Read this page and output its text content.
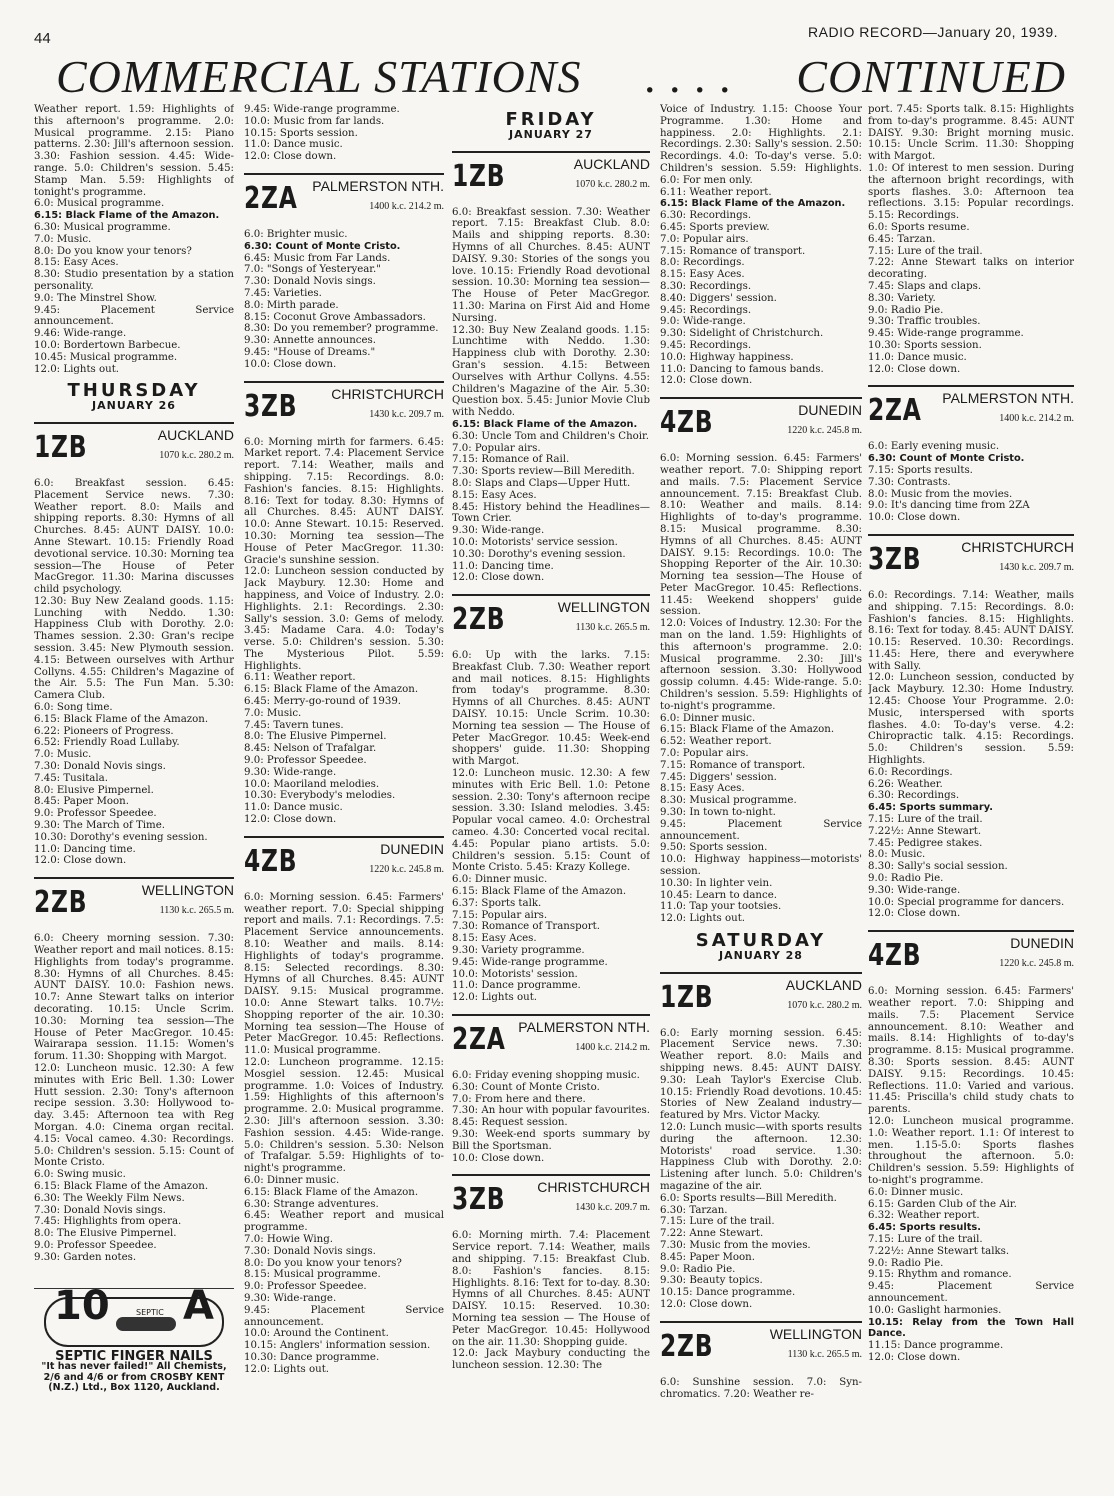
44	RADIO RECORD—January 20, 1939.
COMMERCIAL STATIONS . . . . CONTINUED
Weather report. 1.59: Highlights of this afternoon's programme. 2.0: Musical programme. 2.15: Piano patterns. 2.30: Jill's afternoon session. 3.30: Fashion session. 4.45: Wide-range. 5.0: Children's session. 5.45: Stamp Man. 5.59: Highlights of tonight's programme.
6.0: Musical programme.
6.15: Black Flame of the Amazon.
6.30: Musical programme.
7.0: Music.
8.0: Do you know your tenors?
8.15: Easy Aces.
8.30: Studio presentation by a station personality.
9.0: The Minstrel Show.
9.45: Placement Service announcement.
9.46: Wide-range.
10.0: Bordertown Barbecue.
10.45: Musical programme.
12.0: Lights out.
THURSDAY
JANUARY 26
1ZB	AUCKLAND
1070 k.c. 280.2 m.
6.0: Breakfast session. 6.45: Placement Service news. 7.30: Weather report. 8.0: Mails and shipping reports. 8.30: Hymns of all Churches. 8.45: AUNT DAISY. 10.0: Anne Stewart. 10.15: Friendly Road devotional service. 10.30: Morning tea session—The House of Peter MacGregor. 11.30: Marina discusses child psychology.
12.30: Buy New Zealand goods. 1.15: Lunching with Neddo. 1.30: Happiness Club with Dorothy. 2.0: Thames session. 2.30: Gran's recipe session. 3.45: New Plymouth session. 4.15: Between ourselves with Arthur Collyns. 4.55: Children's Magazine of the Air. 5.5: The Fun Man. 5.30: Camera Club.
6.0: Song time.
6.15: Black Flame of the Amazon.
6.22: Pioneers of Progress.
6.52: Friendly Road Lullaby.
7.0: Music.
7.30: Donald Novis sings.
7.45: Tusitala.
8.0: Elusive Pimpernel.
8.45: Paper Moon.
9.0: Professor Speedee.
9.30: The March of Time.
10.30: Dorothy's evening session.
11.0: Dancing time.
12.0: Close down.
2ZB	WELLINGTON
1130 k.c. 265.5 m.
6.0: Cheery morning session. 7.30: Weather report and mail notices. 8.15: Highlights from today's programme. 8.30: Hymns of all Churches. 8.45: AUNT DAISY. 10.0: Fashion news. 10.7: Anne Stewart talks on interior decorating. 10.15: Uncle Scrim. 10.30: Morning tea session—The House of Peter MacGregor. 10.45: Wairarapa session. 11.15: Women's forum. 11.30: Shopping with Margot.
12.0: Luncheon music. 12.30: A few minutes with Eric Bell. 1.30: Lower Hutt session. 2.30: Tony's afternoon recipe session. 3.30: Hollywood to-day. 3.45: Afternoon tea with Reg Morgan. 4.0: Cinema organ recital. 4.15: Vocal cameo. 4.30: Recordings. 5.0: Children's session. 5.15: Count of Monte Cristo.
6.0: Swing music.
6.15: Black Flame of the Amazon.
6.30: The Weekly Film News.
7.30: Donald Novis sings.
7.45: Highlights from opera.
8.0: The Elusive Pimpernel.
9.0: Professor Speedee.
9.30: Garden notes.
10	SEPTIC A
SEPTIC FINGER NAILS
"It has never failed!" All Chemists, 2/6 and 4/6 or from CROSBY KENT (N.Z.) Ltd., Box 1120, Auckland.
9.45: Wide-range programme.
10.0: Music from far lands.
10.15: Sports session.
11.0: Dance music.
12.0: Close down.
2ZA PALMERSTON NTH.
1400 k.c. 214.2 m.
6.0: Brighter music.
6.30: Count of Monte Cristo.
6.45: Music from Far Lands.
7.0: "Songs of Yesteryear."
7.30: Donald Novis sings.
7.45: Varieties.
8.0: Mirth parade.
8.15: Coconut Grove Ambassadors.
8.30: Do you remember? programme.
9.30: Annette announces.
9.45: "House of Dreams."
10.0: Close down.
3ZB CHRISTCHURCH
1430 k.c. 209.7 m.
6.0: Morning mirth for farmers. 6.45: Market report. 7.4: Placement Service report. 7.14: Weather, mails and shipping. 7.15: Recordings. 8.0: Fashion's fancies. 8.15: Highlights. 8.16: Text for today. 8.30: Hymns of all Churches. 8.45: AUNT DAISY. 10.0: Anne Stewart. 10.15: Reserved. 10.30: Morning tea session—The House of Peter MacGregor. 11.30: Gracie's sunshine session.
12.0: Luncheon session conducted by Jack Maybury. 12.30: Home and happiness, and Voice of Industry. 2.0: Highlights. 2.1: Recordings. 2.30: Sally's session. 3.0: Gems of melody. 3.45: Madame Cara. 4.0: Today's verse. 5.0: Children's session. 5.30: The Mysterious Pilot. 5.59: Highlights.
6.11: Weather report.
6.15: Black Flame of the Amazon.
6.45: Merry-go-round of 1939.
7.0: Music.
7.45: Tavern tunes.
8.0: The Elusive Pimpernel.
8.45: Nelson of Trafalgar.
9.0: Professor Speedee.
9.30: Wide-range.
10.0: Maoriland melodies.
10.30: Everybody's melodies.
11.0: Dance music.
12.0: Close down.
4ZB	DUNEDIN
1220 k.c. 245.8 m.
6.0: Morning session. 6.45: Farmers' weather report. 7.0: Special shipping report and mails. 7.1: Recordings. 7.5: Placement Service announcements. 8.10: Weather and mails. 8.14: Highlights of today's programme. 8.15: Selected recordings. 8.30: Hymns of all Churches. 8.45: AUNT DAISY. 9.15: Musical programme. 10.0: Anne Stewart talks. 10.7½: Shopping reporter of the air. 10.30: Morning tea session—The House of Peter MacGregor. 10.45: Reflections. 11.0: Musical programme.
12.0: Luncheon programme. 12.15: Mosgiel session. 12.45: Musical programme. 1.0: Voices of Industry. 1.59: Highlights of this afternoon's programme. 2.0: Musical programme. 2.30: Jill's afternoon session. 3.30: Fashion session. 4.45: Wide-range. 5.0: Children's session. 5.30: Nelson of Trafalgar. 5.59: Highlights of to-night's programme.
6.0: Dinner music.
6.15: Black Flame of the Amazon.
6.30: Strange adventures.
6.45: Weather report and musical programme.
7.0: Howie Wing.
7.30: Donald Novis sings.
8.0: Do you know your tenors?
8.15: Musical programme.
9.0: Professor Speedee.
9.30: Wide-range.
9.45: Placement Service announcement.
10.0: Around the Continent.
10.15: Anglers' information session.
10.30: Dance programme.
12.0: Lights out.
FRIDAY
JANUARY 27
1ZB	AUCKLAND
1070 k.c. 280.2 m.
6.0: Breakfast session. 7.30: Weather report. 7.15: Breakfast Club. 8.0: Mails and shipping reports. 8.30: Hymns of all Churches. 8.45: AUNT DAISY. 9.30: Stories of the songs you love. 10.15: Friendly Road devotional session. 10.30: Morning tea session—The House of Peter MacGregor. 11.30: Marina on First Aid and Home Nursing.
12.30: Buy New Zealand goods. 1.15: Lunchtime with Neddo. 1.30: Happiness club with Dorothy. 2.30: Gran's session. 4.15: Between Ourselves with Arthur Collyns. 4.55: Children's Magazine of the Air. 5.30: Question box. 5.45: Junior Movie Club with Neddo.
6.15: Black Flame of the Amazon.
6.30: Uncle Tom and Children's Choir.
7.0: Popular airs.
7.15: Romance of Rail.
7.30: Sports review—Bill Meredith.
8.0: Slaps and Claps—Upper Hutt.
8.15: Easy Aces.
8.45: History behind the Headlines—Town Crier.
9.30: Wide-range.
10.0: Motorists' service session.
10.30: Dorothy's evening session.
11.0: Dancing time.
12.0: Close down.
2ZB	WELLINGTON
1130 k.c. 265.5 m.
6.0: Up with the larks. 7.15: Breakfast Club. 7.30: Weather report and mail notices. 8.15: Highlights from today's programme. 8.30: Hymns of all Churches. 8.45: AUNT DAISY. 10.15: Uncle Scrim. 10.30: Morning tea session — The House of Peter MacGregor. 10.45: Week-end shoppers' guide. 11.30: Shopping with Margot.
12.0: Luncheon music. 12.30: A few minutes with Eric Bell. 1.0: Petone session. 2.30: Tony's afternoon recipe session. 3.30: Island melodies. 3.45: Popular vocal cameo. 4.0: Orchestral cameo. 4.30: Concerted vocal recital. 4.45: Popular piano artists. 5.0: Children's session. 5.15: Count of Monte Cristo. 5.45: Krazy Kollege.
6.0: Dinner music.
6.15: Black Flame of the Amazon.
6.37: Sports talk.
7.15: Popular airs.
7.30: Romance of Transport.
8.15: Easy Aces.
9.30: Variety programme.
9.45: Wide-range programme.
10.0: Motorists' session.
11.0: Dance programme.
12.0: Lights out.
2ZA PALMERSTON NTH.
1400 k.c. 214.2 m.
6.0: Friday evening shopping music.
6.30: Count of Monte Cristo.
7.0: From here and there.
7.30: An hour with popular favourites.
8.45: Request session.
9.30: Week-end sports summary by Bill the Sportsman.
10.0: Close down.
3ZB CHRISTCHURCH
1430 k.c. 209.7 m.
6.0: Morning mirth. 7.4: Placement Service report. 7.14: Weather, mails and shipping. 7.15: Breakfast Club. 8.0: Fashion's fancies. 8.15: Highlights. 8.16: Text for to-day. 8.30: Hymns of all Churches. 8.45: AUNT DAISY. 10.15: Reserved. 10.30: Morning tea session — The House of Peter MacGregor. 10.45: Hollywood on the air. 11.30: Shopping guide.
12.0: Jack Maybury conducting the luncheon session. 12.30: The
Voice of Industry. 1.15: Choose Your Programme. 1.30: Home and happiness. 2.0: Highlights. 2.1: Recordings. 2.30: Sally's session. 2.50: Recordings. 4.0: To-day's verse. 5.0: Children's session. 5.59: Highlights. 6.0: For men only.
6.11: Weather report.
6.15: Black Flame of the Amazon.
6.30: Recordings.
6.45: Sports preview.
7.0: Popular airs.
7.15: Romance of transport.
8.0: Recordings.
8.15: Easy Aces.
8.30: Recordings.
8.40: Diggers' session.
9.45: Recordings.
9.0: Wide-range.
9.30: Sidelight of Christchurch.
9.45: Recordings.
10.0: Highway happiness.
11.0: Dancing to famous bands.
12.0: Close down.
4ZB	DUNEDIN
1220 k.c. 245.8 m.
6.0: Morning session. 6.45: Farmers' weather report. 7.0: Shipping report and mails. 7.5: Placement Service announcement. 7.15: Breakfast Club. 8.10: Weather and mails. 8.14: Highlights of to-day's programme. 8.15: Musical programme. 8.30: Hymns of all Churches. 8.45: AUNT DAISY. 9.15: Recordings. 10.0: The Shopping Reporter of the Air. 10.30: Morning tea session—The House of Peter MacGregor. 10.45: Reflections. 11.45: Weekend shoppers' guide session.
12.0: Voices of Industry. 12.30: For the man on the land. 1.59: Highlights of this afternoon's programme. 2.0: Musical programme. 2.30: Jill's afternoon session. 3.30: Hollywood gossip column. 4.45: Wide-range. 5.0: Children's session. 5.59: Highlights of to-night's programme.
6.0: Dinner music.
6.15: Black Flame of the Amazon.
6.52: Weather report.
7.0: Popular airs.
7.15: Romance of transport.
7.45: Diggers' session.
8.15: Easy Aces.
8.30: Musical programme.
9.30: In town to-night.
9.45: Placement Service announcement.
9.50: Sports session.
10.0: Highway happiness—motorists' session.
10.30: In lighter vein.
10.45: Learn to dance.
11.0: Tap your tootsies.
12.0: Lights out.
SATURDAY
JANUARY 28
1ZB	AUCKLAND
1070 k.c. 280.2 m.
6.0: Early morning session. 6.45: Placement Service news. 7.30: Weather report. 8.0: Mails and shipping news. 8.45: AUNT DAISY. 9.30: Leah Taylor's Exercise Club. 10.15: Friendly Road devotions. 10.45: Stories of New Zealand industry—featured by Mrs. Victor Macky.
12.0: Lunch music—with sports results during the afternoon. 12.30: Motorists' road service. 1.30: Happiness Club with Dorothy. 2.0: Listening after lunch. 5.0: Children's magazine of the air.
6.0: Sports results—Bill Meredith.
6.30: Tarzan.
7.15: Lure of the trail.
7.22: Anne Stewart.
7.30: Music from the movies.
8.45: Paper Moon.
9.0: Radio Pie.
9.30: Beauty topics.
10.15: Dance programme.
12.0: Close down.
2ZB	WELLINGTON
1130 k.c. 265.5 m.
6.0: Sunshine session. 7.0: Syn-chromatics. 7.20: Weather re-
port. 7.45: Sports talk. 8.15: Highlights from to-day's programme. 8.45: AUNT DAISY. 9.30: Bright morning music. 10.15: Uncle Scrim. 11.30: Shopping with Margot.
1.0: Of interest to men session. During the afternoon bright recordings, with sports flashes. 3.0: Afternoon tea reflections. 3.15: Popular recordings. 5.15: Recordings.
6.0: Sports resume.
6.45: Tarzan.
7.15: Lure of the trail.
7.22: Anne Stewart talks on interior decorating.
7.45: Slaps and claps.
8.30: Variety.
9.0: Radio Pie.
9.30: Traffic troubles.
9.45: Wide-range programme.
10.30: Sports session.
11.0: Dance music.
12.0: Close down.
2ZA PALMERSTON NTH.
1400 k.c. 214.2 m.
6.0: Early evening music.
6.30: Count of Monte Cristo.
7.15: Sports results.
7.30: Contrasts.
8.0: Music from the movies.
9.0: It's dancing time from 2ZA
10.0: Close down.
3ZB	CHRISTCHURCH
1430 k.c. 209.7 m.
6.0: Recordings. 7.14: Weather, mails and shipping. 7.15: Recordings. 8.0: Fashion's fancies. 8.15: Highlights. 8.16: Text for today. 8.45: AUNT DAISY. 10.15: Reserved. 10.30: Recordings. 11.45: Here, there and everywhere with Sally.
12.0: Luncheon session, conducted by Jack Maybury. 12.30: Home Industry. 12.45: Choose Your Programme. 2.0: Music, interspersed with sports flashes. 4.0: To-day's verse. 4.2: Chiropractic talk. 4.15: Recordings. 5.0: Children's session. 5.59: Highlights.
6.0: Recordings.
6.26: Weather.
6.30: Recordings.
6.45: Sports summary.
7.15: Lure of the trail.
7.22½: Anne Stewart.
7.45: Pedigree stakes.
8.0: Music.
8.30: Sally's social session.
9.0: Radio Pie.
9.30: Wide-range.
10.0: Special programme for dancers.
12.0: Close down.
4ZB	DUNEDIN
1220 k.c. 245.8 m.
6.0: Morning session. 6.45: Farmers' weather report. 7.0: Shipping and mails. 7.5: Placement Service announcement. 8.10: Weather and mails. 8.14: Highlights of to-day's programme. 8.15: Musical programme. 8.30: Sports session. 8.45: AUNT DAISY. 9.15: Recordings. 10.45: Reflections. 11.0: Varied and various. 11.45: Priscilla's child study chats to parents.
12.0: Luncheon musical programme. 1.0: Weather report. 1.1: Of interest to men. 1.15-5.0: Sports flashes throughout the afternoon. 5.0: Children's session. 5.59: Highlights of to-night's programme.
6.0: Dinner music.
6.15: Garden Club of the Air.
6.32: Weather report.
6.45: Sports results.
7.15: Lure of the trail.
7.22½: Anne Stewart talks.
9.0: Radio Pie.
9.15: Rhythm and romance.
9.45: Placement Service announcement.
10.0: Gaslight harmonies.
10.15: Relay from the Town Hall Dance.
11.15: Dance programme.
12.0: Close down.
